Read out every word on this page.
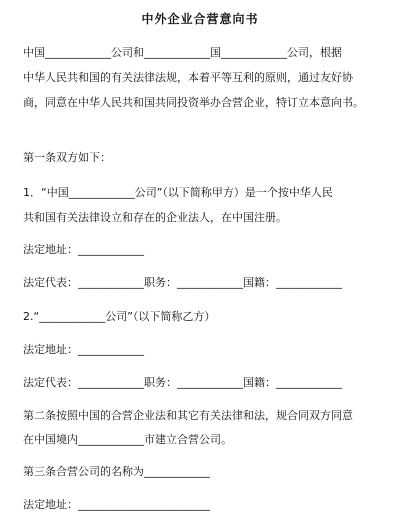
中外企业合营意向书
中国____________公司和____________国____________公司，根据
中华人民共和国的有关法律法规，本着平等互利的原则，通过友好协
商，同意在中华人民共和国共同投资举办合营企业，特订立本意向书。
第一条双方如下：
1．“中国____________公司”（以下简称甲方）是一个按中华人民
共和国有关法律设立和存在的企业法人，在中国注册。
法定地址：____________
法定代表：____________职务：____________国籍：____________
2.“____________公司”（以下简称乙方）
法定地址：____________
法定代表：____________职务：____________国籍：____________
第二条按照中国的合营企业法和其它有关法律和法，规合同双方同意
在中国境内____________市建立合营公司。
第三条合营公司的名称为____________
法定地址：________________________
